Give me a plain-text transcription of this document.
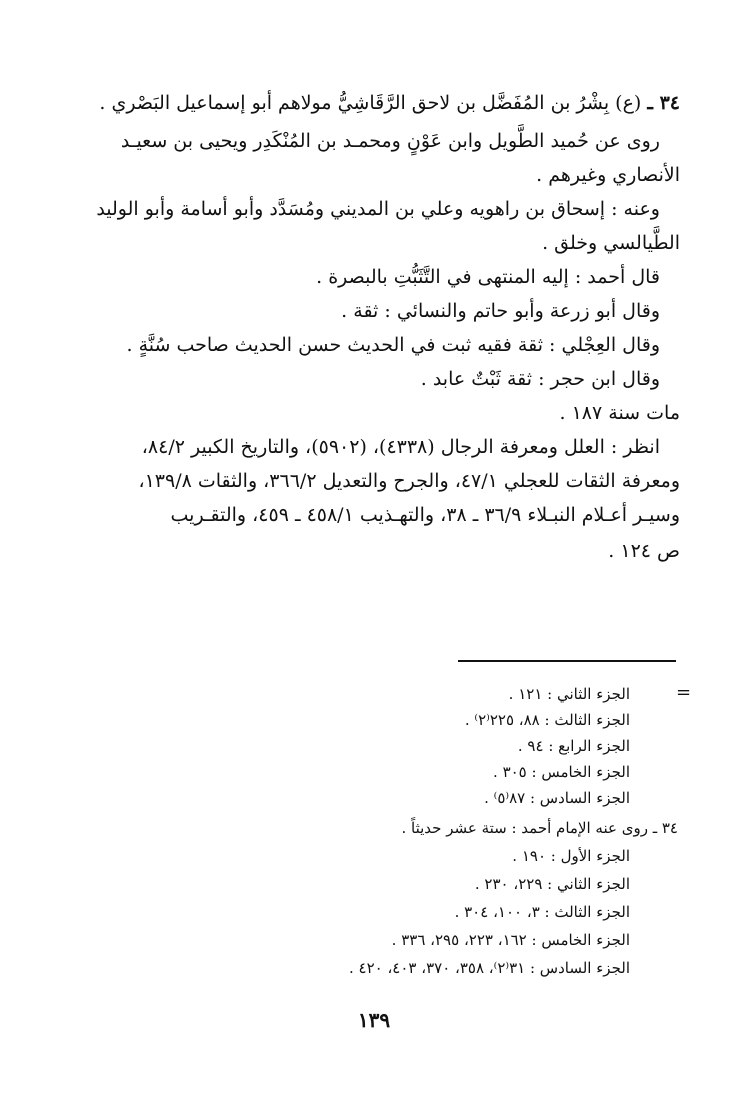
٣٤ ـ (ع) بِشْرُ بن المُفَضَّل بن لاحق الرَّقَاشِيُّ مولاهم أبو إسماعيل البَصْري .
روى عن حُميد الطَّويل وابن عَوْنٍ ومحمـد بن المُنْكَدِر ويحيى بن سعيـد
الأنصاري وغيرهم .
وعنه : إسحاق بن راهويه وعلي بن المديني ومُسَدَّد وأبو أسامة وأبو الوليد
الطَّيالسي وخلق .
قال أحمد : إليه المنتهى في التَّثَبُّتِ بالبصرة .
وقال أبو زرعة وأبو حاتم والنسائي : ثقة .
وقال العِجْلي : ثقة فقيه ثبت في الحديث حسن الحديث صاحب سُنَّةٍ .
وقال ابن حجر : ثقة ثَبْتٌ عابد .
مات سنة ١٨٧ .
انظر : العلل ومعرفة الرجال (٤٣٣٨)، (٥٩٠٢)، والتاريخ الكبير ٨٤/٢،
ومعرفة الثقات للعجلي ٤٧/١، والجرح والتعديل ٣٦٦/٢، والثقات ١٣٩/٨،
وسيـر أعـلام النبـلاء ٣٦/٩ ـ ٣٨، والتهـذيب ٤٥٨/١ ـ ٤٥٩، والتقـريب
ص ١٢٤ .
=
الجزء الثاني : ١٢١ .
الجزء الثالث : ٨٨، ٢٢٥⁽٢⁾ .
الجزء الرابع : ٩٤ .
الجزء الخامس : ٣٠٥ .
الجزء السادس : ٨٧⁽٥⁾ .
٣٤ ـ روى عنه الإمام أحمد : ستة عشر حديثاً .
الجزء الأول : ١٩٠ .
الجزء الثاني : ٢٢٩، ٢٣٠ .
الجزء الثالث : ٣، ١٠٠، ٣٠٤ .
الجزء الخامس : ١٦٢، ٢٢٣، ٢٩٥، ٣٣٦ .
الجزء السادس : ٣١⁽٢⁾، ٣٥٨، ٣٧٠، ٤٠٣، ٤٢٠ .
١٣٩
